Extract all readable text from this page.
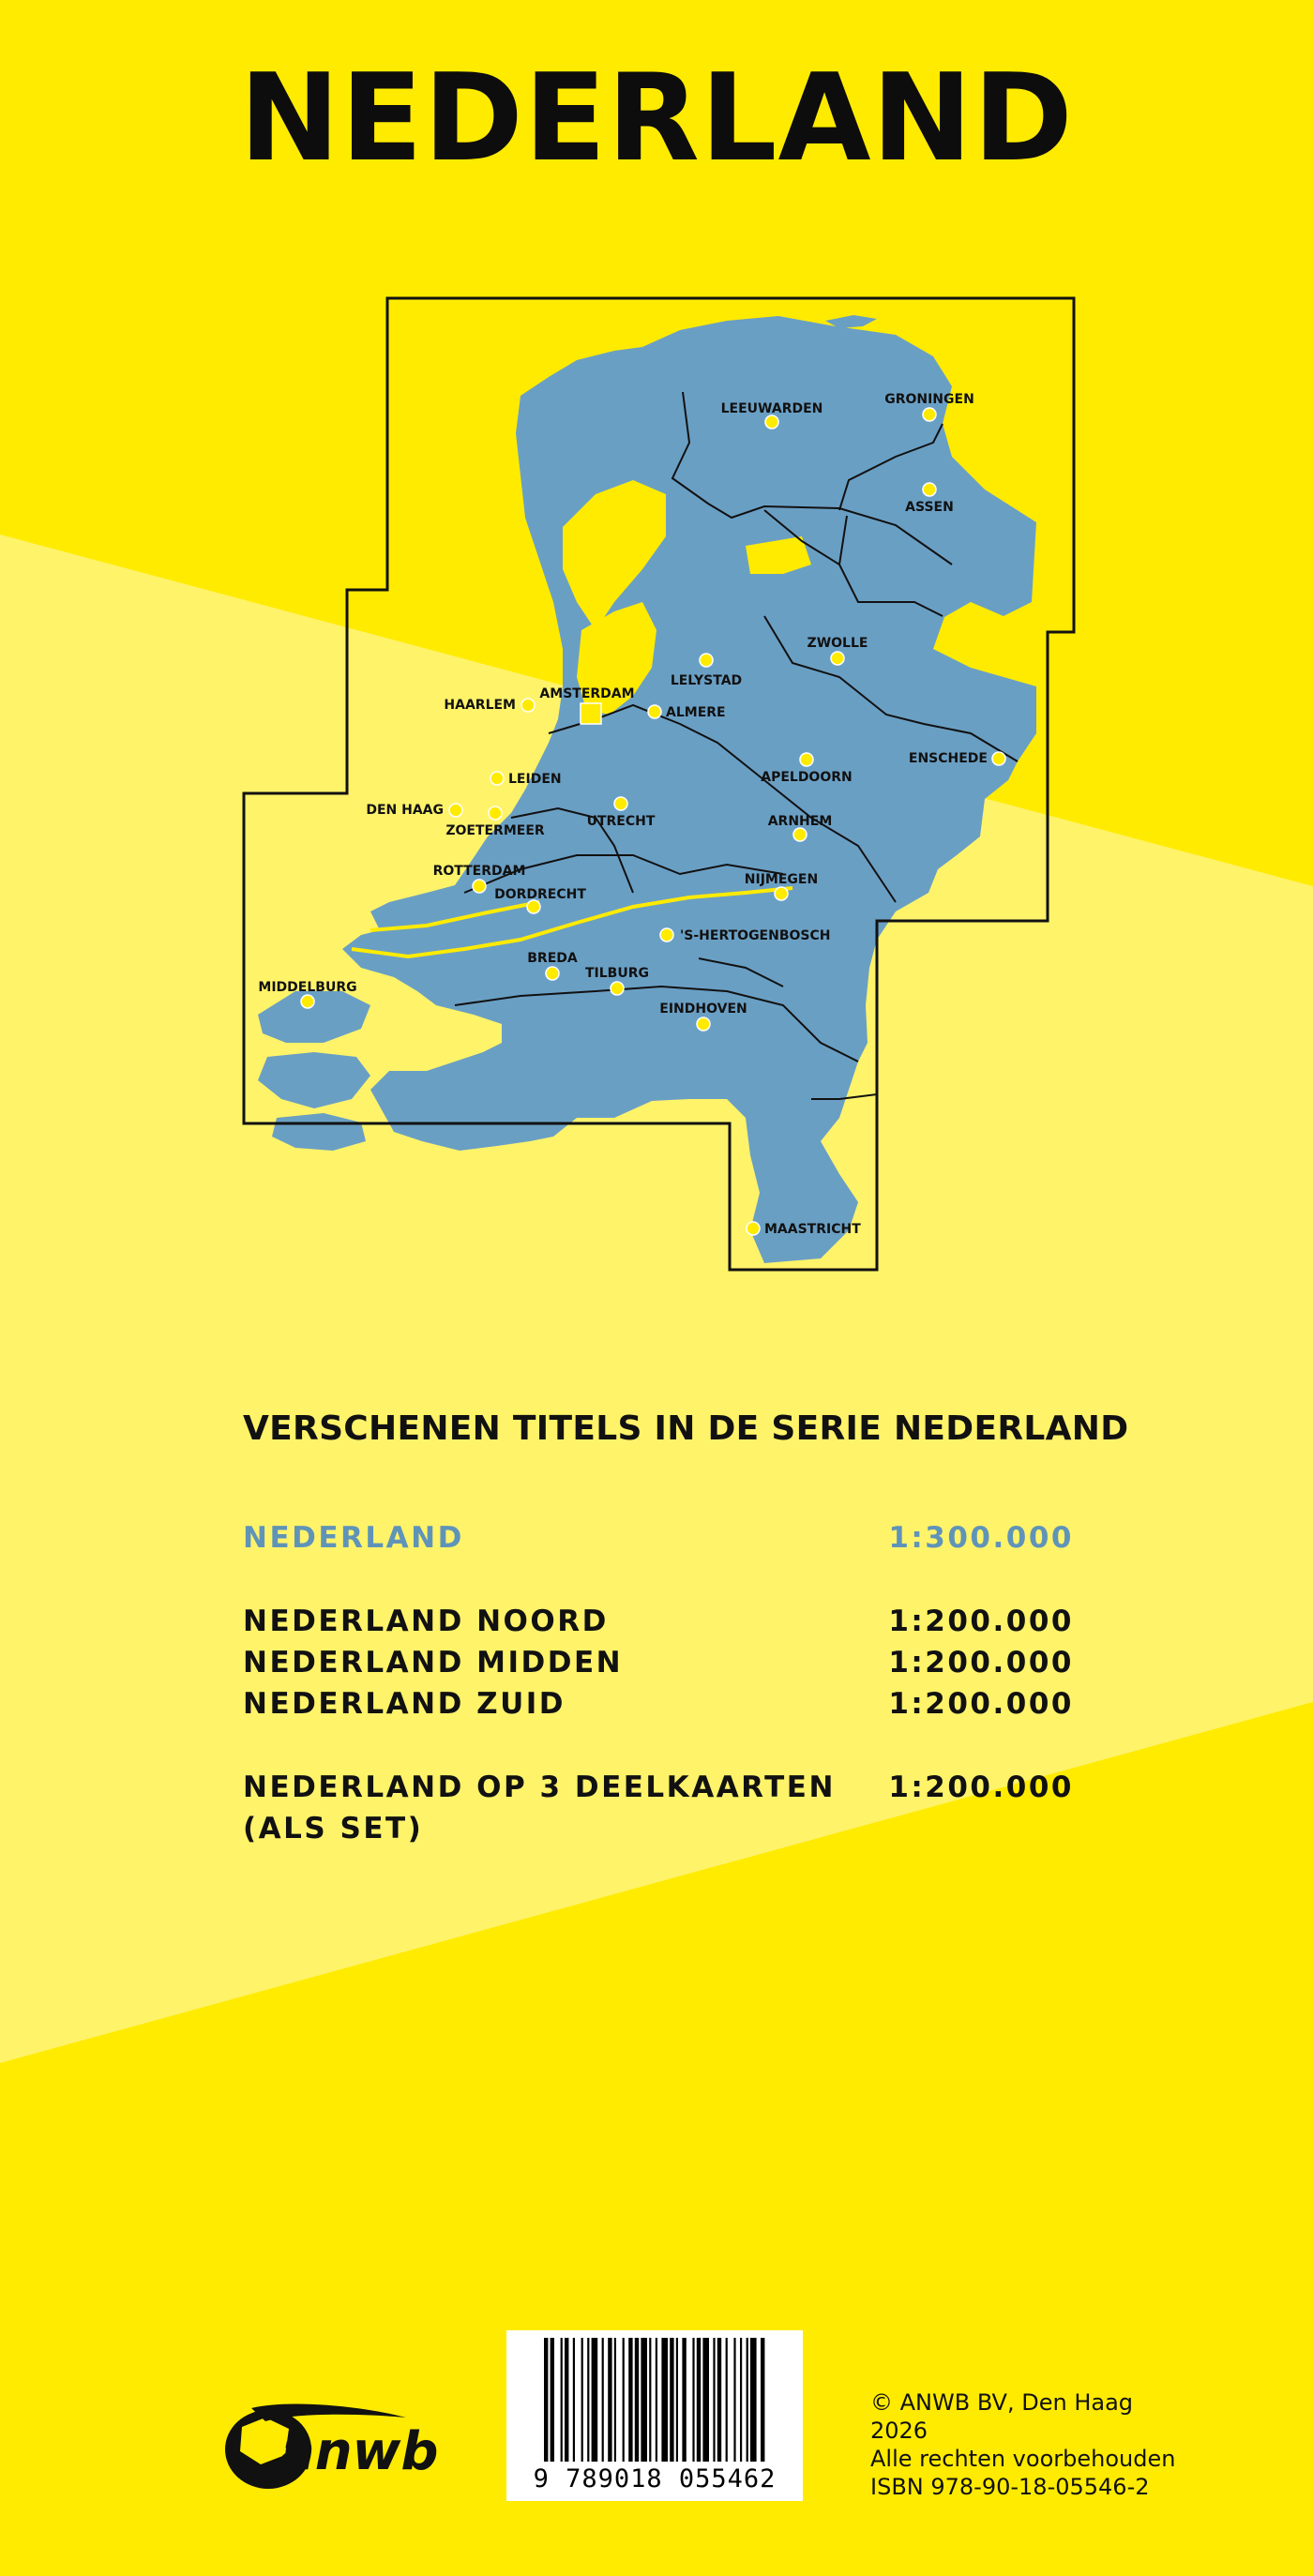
NEDERLAND
LEEUWARDEN
GRONINGEN
ASSEN
ZWOLLE
LELYSTAD
AMSTERDAM
HAARLEM	ALMERE
LEIDEN
DEN HAAG
ZOETERMEER
UTRECHT
APELDOORN
ENSCHEDE
ARNHEM
ROTTERDAM
DORDRECHT
NIJMEGEN
'S-HERTOGENBOSCH
BREDA
TILBURG
MIDDELBURG
EINDHOVEN
MAASTRICHT
VERSCHENEN TITELS IN DE SERIE NEDERLAND
NEDERLAND	1:300.000
NEDERLAND NOORD	1:200.000
NEDERLAND MIDDEN	1:200.000
NEDERLAND ZUID	1:200.000
NEDERLAND OP 3 DEELKAARTEN 1:200.000
(ALS SET)
anwb	9 789018 055462
© ANWB BV, Den Haag
2026
Alle rechten voorbehouden
ISBN 978-90-18-05546-2
